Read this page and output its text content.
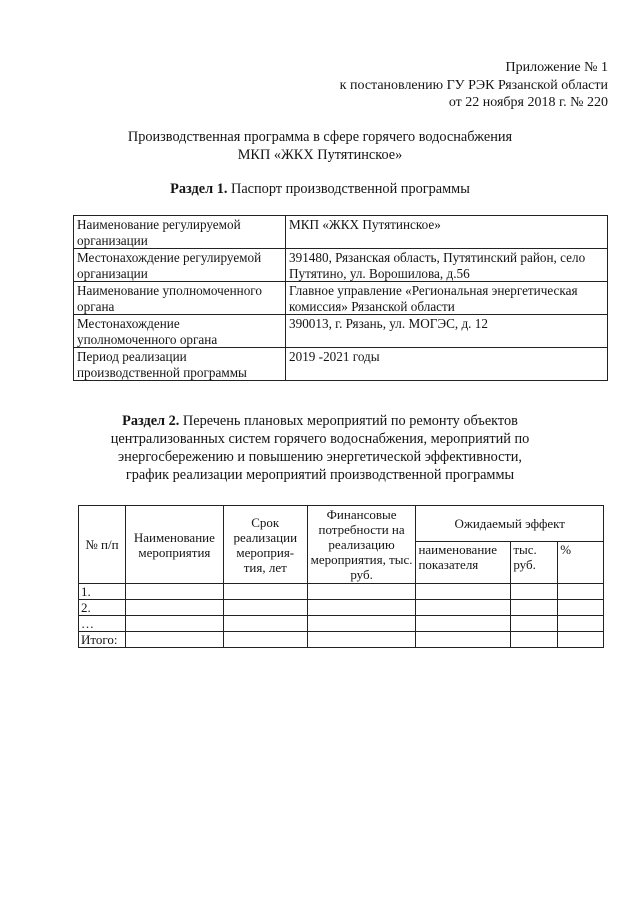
Приложение № 1
к постановлению ГУ РЭК Рязанской области
от 22 ноября 2018 г. № 220
Производственная программа в сфере горячего водоснабжения
МКП «ЖКХ Путятинское»
Раздел 1. Паспорт производственной программы
Наименование регулируемой организации	МКП «ЖКХ Путятинское»
Местонахождение регулируемой организации	391480, Рязанская область, Путятинский район, село Путятино, ул. Ворошилова, д.56
Наименование уполномоченного органа	Главное управление «Региональная энергетическая комиссия» Рязанской области
Местонахождение уполномоченного органа	390013, г. Рязань, ул. МОГЭС, д. 12
Период реализации производственной программы	2019 -2021 годы
Раздел 2. Перечень плановых мероприятий по ремонту объектов
централизованных систем горячего водоснабжения, мероприятий по
энергосбережению и повышению энергетической эффективности,
график реализации мероприятий производственной программы
№ п/п	Наименование мероприятия	Срок реализации мероприя-тия, лет	Финансовые потребности на реализацию мероприятия, тыс. руб.	Ожидаемый эффект		
				наименование показателя	тыс. руб.	%
1.						
2.						
…						
Итого:						
